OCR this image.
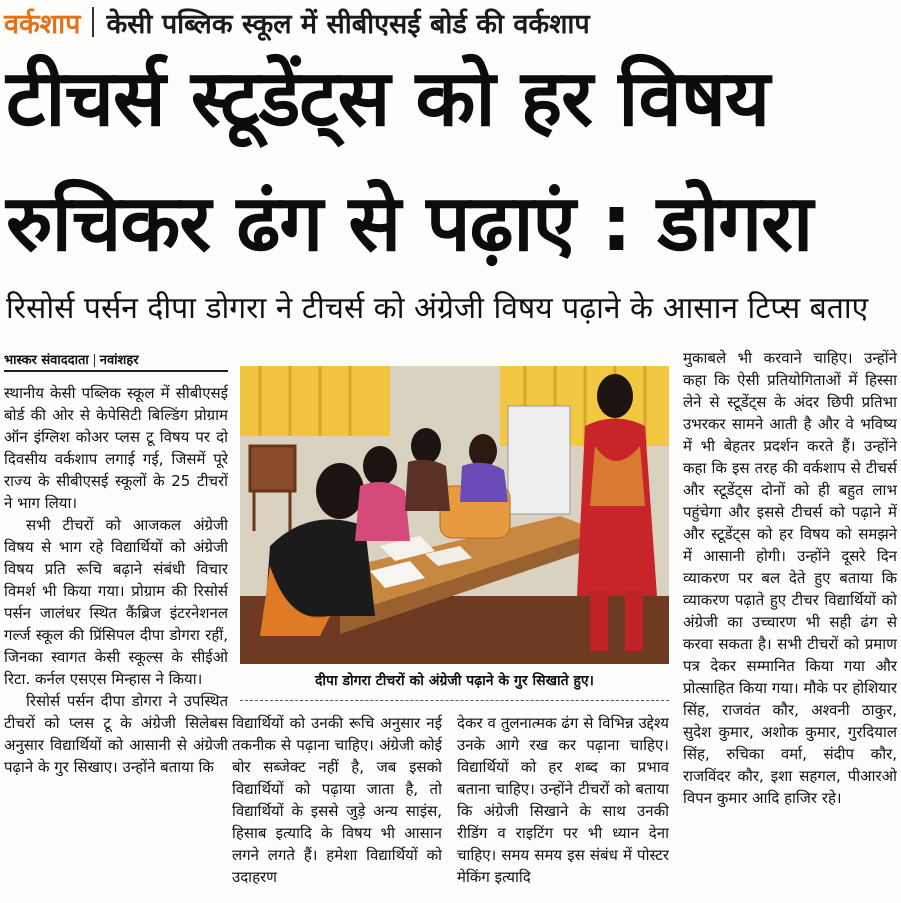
वर्कशाप केसी पब्लिक स्कूल में सीबीएसई बोर्ड की वर्कशाप
टीचर्स स्टूडेंट्स को हर विषय
रुचिकर ढंग से पढ़ाएं : डोगरा
रिसोर्स पर्सन दीपा डोगरा ने टीचर्स को अंग्रेजी विषय पढ़ाने के आसान टिप्स बताए
भास्कर संवाददाता नवांशहर

स्थानीय केसी पब्लिक स्कूल में सीबीएसई बोर्ड की ओर से केपेसिटी बिल्डिंग प्रोग्राम ऑन इंग्लिश कोअर प्लस टू विषय पर दो दिवसीय वर्कशाप लगाई गई, जिसमें पूरे राज्य के सीबीएसई स्कूलों के 25 टीचरों ने भाग लिया।

सभी टीचरों को आजकल अंग्रेजी विषय से भाग रहे विद्यार्थियों को अंग्रेजी विषय प्रति रूचि बढ़ाने संबंधी विचार विमर्श भी किया गया। प्रोग्राम की रिसोर्स पर्सन जालंधर स्थित कैंब्रिज इंटरनेशनल गर्ल्ज स्कूल की प्रिंसिपल दीपा डोगरा रहीं, जिनका स्वागत केसी स्कूल्स के सीईओ रिटा. कर्नल एसएस मिन्हास ने किया।

रिसोर्स पर्सन दीपा डोगरा ने उपस्थित टीचरों को प्लस टू के अंग्रेजी सिलेबस अनुसार विद्यार्थियों को आसानी से अंग्रेजी पढ़ाने के गुर सिखाए। उन्होंने बताया कि

दीपा डोगरा टीचरों को अंग्रेजी पढ़ाने के गुर सिखाते हुए।

विद्यार्थियों को उनकी रूचि अनुसार नई तकनीक से पढ़ाना चाहिए। अंग्रेजी कोई बोर सब्जेक्ट नहीं है, जब इसको विद्यार्थियों को पढ़ाया जाता है, तो विद्यार्थियों के इससे जुड़े अन्य साइंस, हिसाब इत्यादि के विषय भी आसान लगने लगते हैं। हमेशा विद्यार्थियों को उदाहरण

देकर व तुलनात्मक ढंग से विभिन्न उद्देश्य उनके आगे रख कर पढ़ाना चाहिए। विद्यार्थियों को हर शब्द का प्रभाव बताना चाहिए। उन्होंने टीचरों को बताया कि अंग्रेजी सिखाने के साथ उनकी रीडिंग व राइटिंग पर भी ध्यान देना चाहिए। समय समय इस संबंध में पोस्टर मेकिंग इत्यादि

मुकाबले भी करवाने चाहिए। उन्होंने कहा कि ऐसी प्रतियोगिताओं में हिस्सा लेने से स्टूडेंट्स के अंदर छिपी प्रतिभा उभरकर सामने आती है और वे भविष्य में भी बेहतर प्रदर्शन करते हैं। उन्होंने कहा कि इस तरह की वर्कशाप से टीचर्स और स्टूडेंट्स दोनों को ही बहुत लाभ पहुंचेगा और इससे टीचर्स को पढ़ाने में और स्टूडेंट्स को हर विषय को समझने में आसानी होगी। उन्होंने दूसरे दिन व्याकरण पर बल देते हुए बताया कि व्याकरण पढ़ाते हुए टीचर विद्यार्थियों को अंग्रेजी का उच्चारण भी सही ढंग से करवा सकता है। सभी टीचरों को प्रमाण पत्र देकर सम्मानित किया गया और प्रोत्साहित किया गया। मौके पर होशियार सिंह, राजवंत कौर, अश्वनी ठाकुर, सुदेश कुमार, अशोक कुमार, गुरदियाल सिंह, रुचिका वर्मा, संदीप कौर, राजविंदर कौर, इशा सहगल, पीआरओ विपन कुमार आदि हाजिर रहे।
